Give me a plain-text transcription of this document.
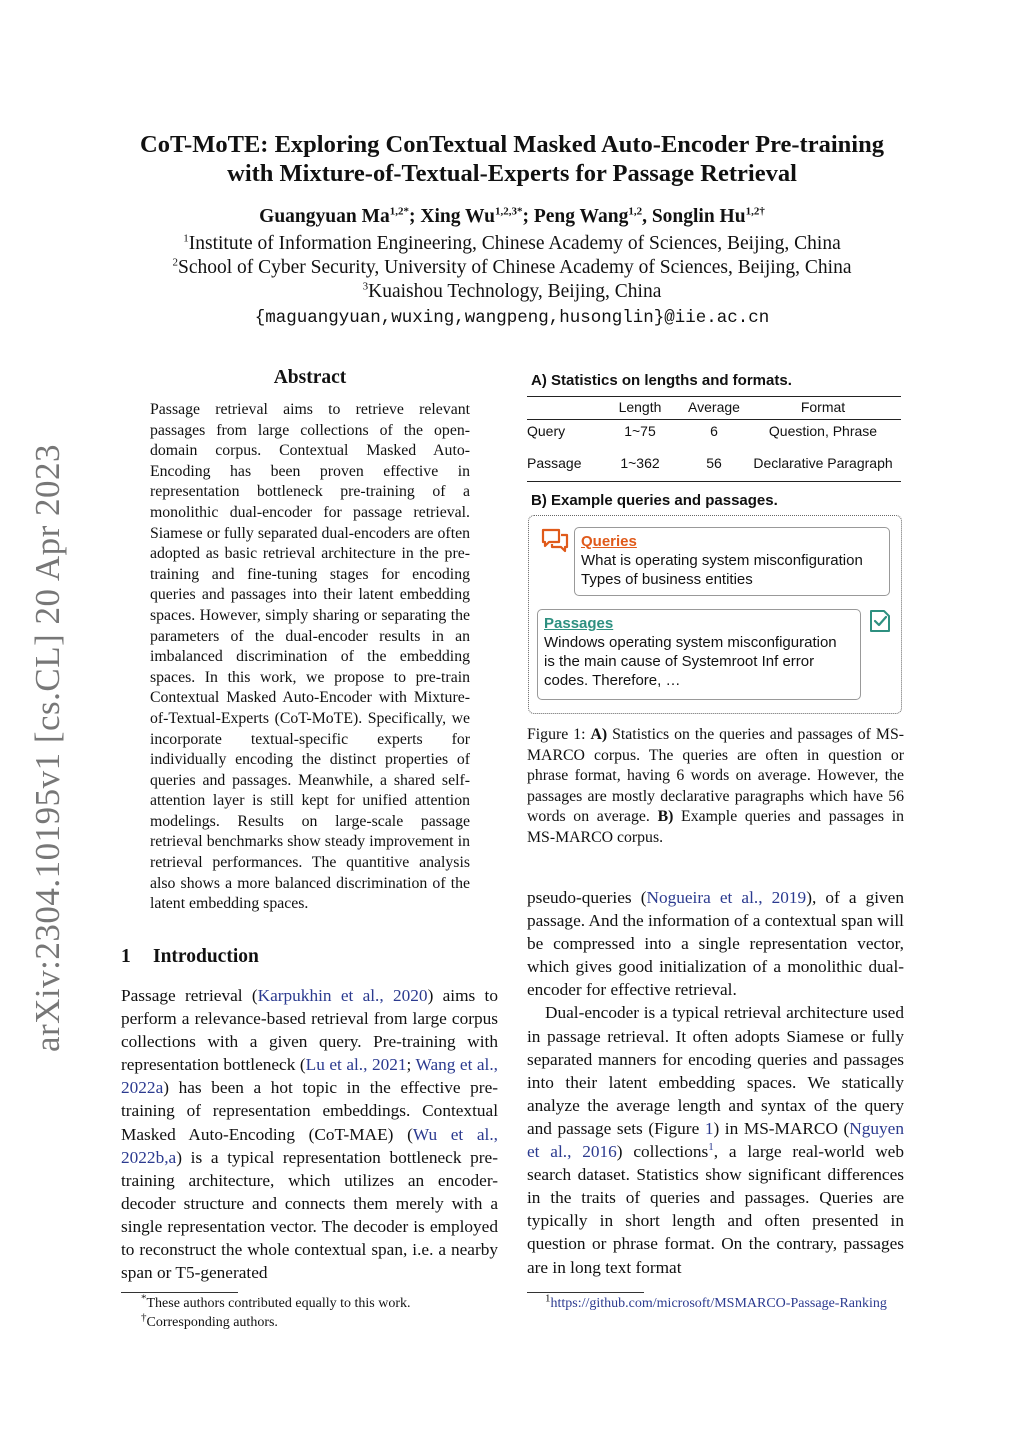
CoT-MoTE: Exploring ConTextual Masked Auto-Encoder Pre-training
with Mixture-of-Textual-Experts for Passage Retrieval
Guangyuan $Ma^{1,2*}$; Xing $Wu^{1,2,3*}$; Peng Wang$^{1,2}$, Songlin $Hu^{1,2\dagger}$
$^1$Institute of Information Engineering, Chinese Academy of Sciences, Beijing, China
$^2$School of Cyber Security, University of Chinese Academy of Sciences, Beijing, China
$^3$Kuaishou Technology, Beijing, China
{maguangyuan,wuxing,wangpeng,husonglin}@iie.ac.cn
arXiv:2304.10195v1 [cs.CL] 20 Apr 2023
Abstract
Passage retrieval aims to retrieve relevant passages from large collections of the open-domain corpus. Contextual Masked Auto-Encoding has been proven effective in representation bottleneck pre-training of a monolithic dual-encoder for passage retrieval. Siamese or fully separated dual-encoders are often adopted as basic retrieval architecture in the pre-training and fine-tuning stages for encoding queries and passages into their latent embedding spaces. However, simply sharing or separating the parameters of the dual-encoder results in an imbalanced discrimination of the embedding spaces. In this work, we propose to pre-train Contextual Masked Auto-Encoder with Mixture-of-Textual-Experts (CoT-MoTE). Specifically, we incorporate textual-specific experts for individually encoding the distinct properties of queries and passages. Meanwhile, a shared self-attention layer is still kept for unified attention modelings. Results on large-scale passage retrieval benchmarks show steady improvement in retrieval performances. The quantitive analysis also shows a more balanced discrimination of the latent embedding spaces.
1 Introduction

Passage retrieval (Karpukhin et al., 2020) aims to perform a relevance-based retrieval from large corpus collections with a given query. Pre-training with representation bottleneck (Lu et al., 2021; Wang et al., 2022a) has been a hot topic in the effective pre-training of representation embeddings. Contextual Masked Auto-Encoding (CoT-MAE) (Wu et al., 2022b,a) is a typical representation bottleneck pre-training architecture, which utilizes an encoder-decoder structure and connects them merely with a single representation vector. The decoder is employed to reconstruct the whole contextual span, i.e. a nearby span or T5-generated

*These authors contributed equally to this work.
†Corresponding authors.
A) Statistics on lengths and formats.
	Length	Average	Format
Query	1~75	6	Question, Phrase
Passage	1~362	56	Declarative Paragraph
B) Example queries and passages.
Queries
What is operating system misconfiguration
Types of business entities
Passages
Windows operating system misconfiguration
is the main cause of Systemroot Inf error
codes. Therefore, …
Figure 1: A) Statistics on the queries and passages of MS-MARCO corpus. The queries are often in question or phrase format, having 6 words on average. However, the passages are mostly declarative paragraphs which have 56 words on average. B) Example queries and passages in MS-MARCO corpus.

pseudo-queries (Nogueira et al., 2019), of a given passage. And the information of a contextual span will be compressed into a single representation vector, which gives good initialization of a monolithic dual-encoder for effective retrieval.

Dual-encoder is a typical retrieval architecture used in passage retrieval. It often adopts Siamese or fully separated manners for encoding queries and passages into their latent embedding spaces. We statically analyze the average length and syntax of the query and passage sets (Figure 1) in MS-MARCO (Nguyen et al., 2016) collections$^1$, a large real-world web search dataset. Statistics show significant differences in the traits of queries and passages. Queries are typically in short length and often presented in question or phrase format. On the contrary, passages are in long text format

$^1$https://github.com/microsoft/MSMARCO-Passage-Ranking
